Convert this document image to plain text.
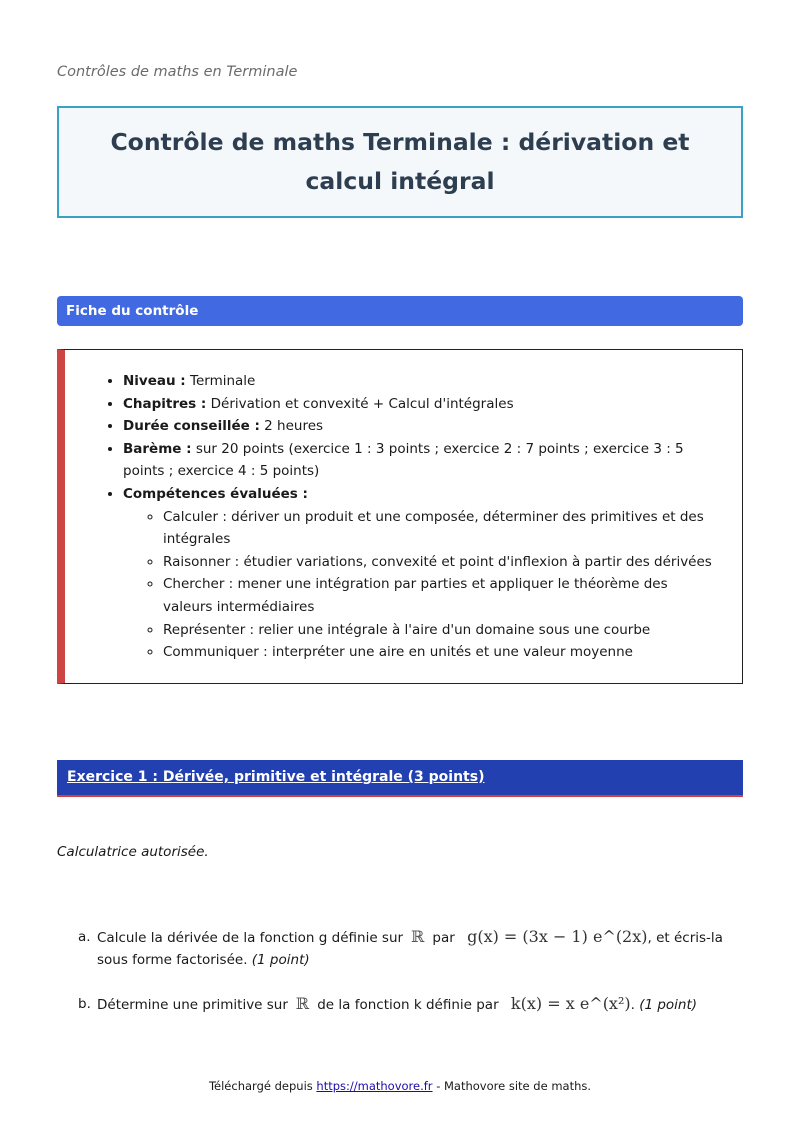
Contrôles de maths en Terminale
Contrôle de maths Terminale : dérivation et calcul intégral
Fiche du contrôle
• Niveau : Terminale
• Chapitres : Dérivation et convexité + Calcul d'intégrales
• Durée conseillée : 2 heures
• Barème : sur 20 points (exercice 1 : 3 points ; exercice 2 : 7 points ; exercice 3 : 5 points ; exercice 4 : 5 points)
• Compétences évaluées :
◦ Calculer : dériver un produit et une composée, déterminer des primitives et des intégrales
◦ Raisonner : étudier variations, convexité et point d'inflexion à partir des dérivées
◦ Chercher : mener une intégration par parties et appliquer le théorème des valeurs intermédiaires
◦ Représenter : relier une intégrale à l'aire d'un domaine sous une courbe
◦ Communiquer : interpréter une aire en unités et une valeur moyenne
Exercice 1 : Dérivée, primitive et intégrale (3 points)
Calculatrice autorisée.
a. Calcule la dérivée de la fonction g définie sur ℝ par g(x) = (3x − 1) e^(2x), et écris-la sous forme factorisée. (1 point)
b. Détermine une primitive sur ℝ de la fonction k définie par k(x) = x e^(x²). (1 point)
Téléchargé depuis https://mathovore.fr - Mathovore site de maths.
